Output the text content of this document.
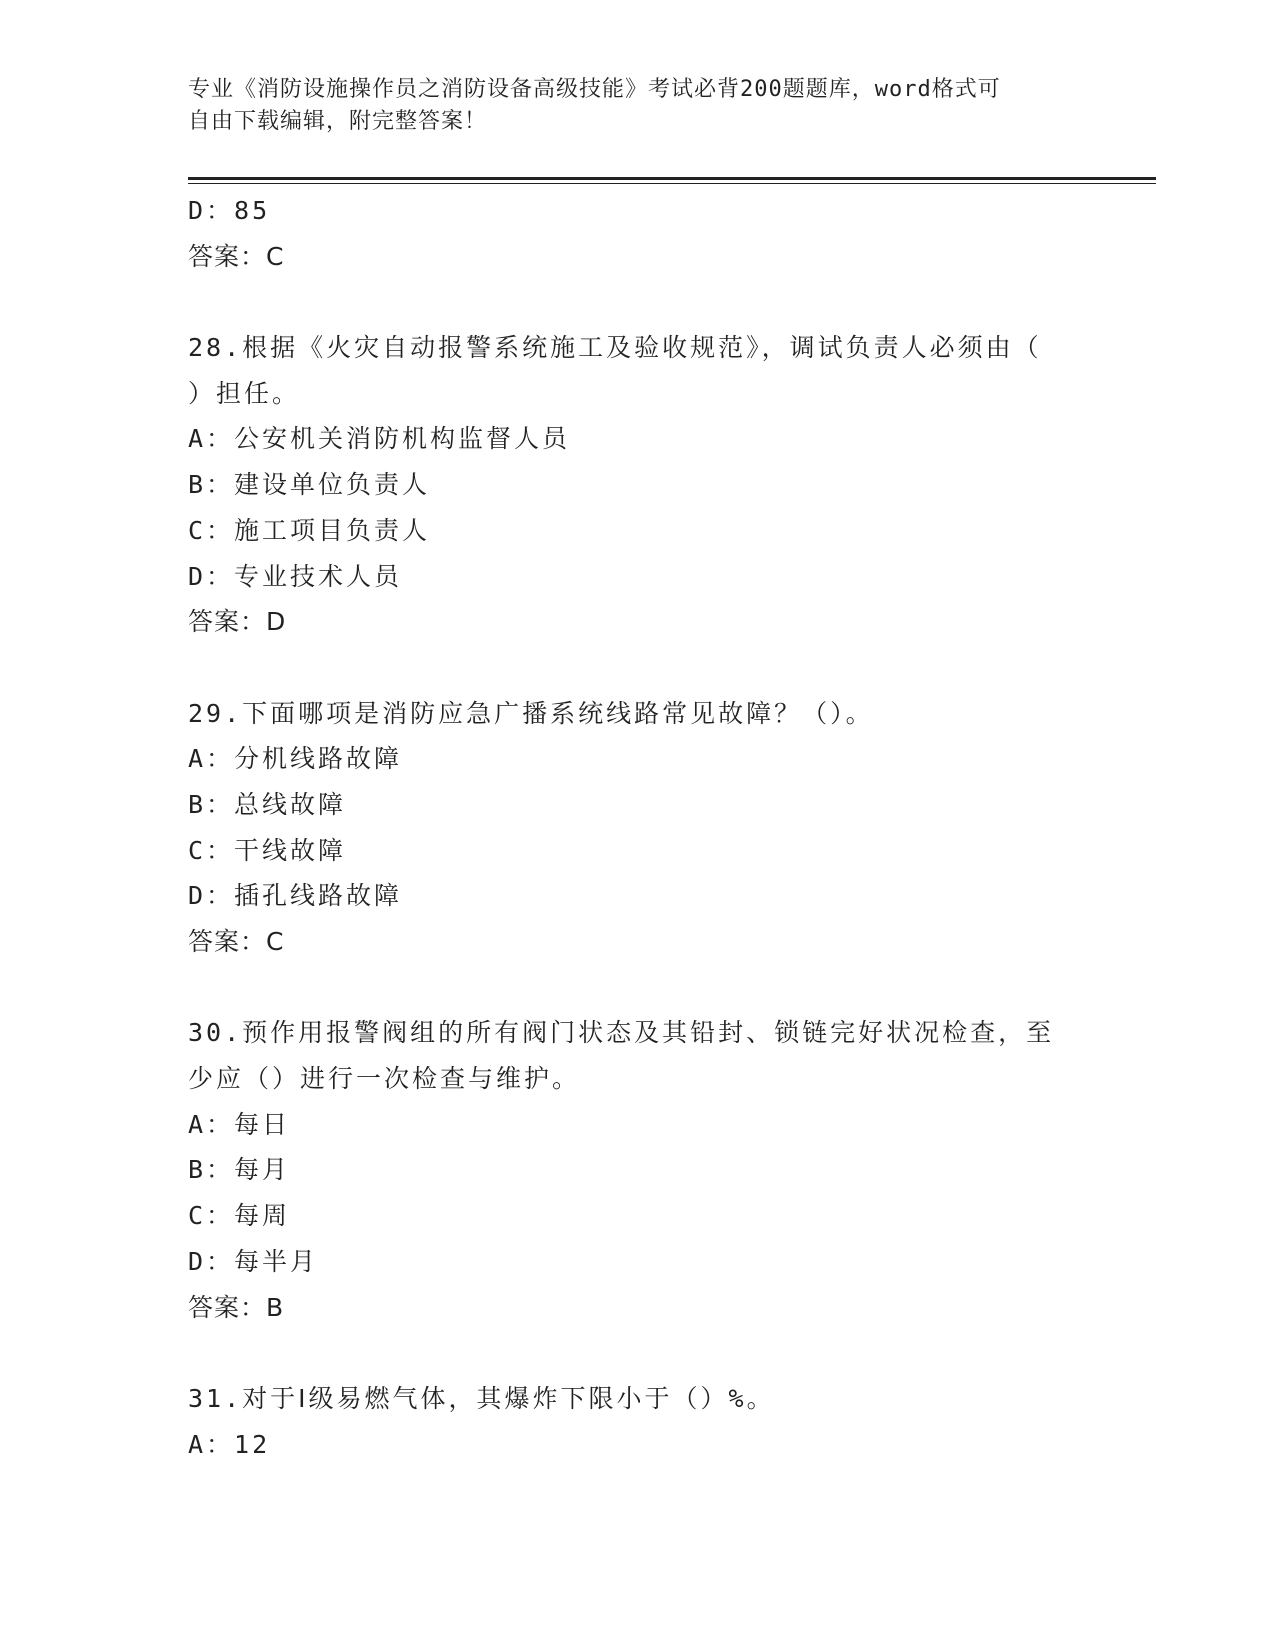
专业《消防设施操作员之消防设备高级技能》考试必背200题题库，word格式可
自由下载编辑，附完整答案！
D：85
答案：C
28.根据《火灾自动报警系统施工及验收规范》，调试负责人必须由（
）担任。
A：公安机关消防机构监督人员
B：建设单位负责人
C：施工项目负责人
D：专业技术人员
答案：D
29.下面哪项是消防应急广播系统线路常见故障？（）。
A：分机线路故障
B：总线故障
C：干线故障
D：插孔线路故障
答案：C
30.预作用报警阀组的所有阀门状态及其铅封、锁链完好状况检查，至
少应（）进行一次检查与维护。
A：每日
B：每月
C：每周
D：每半月
答案：B
31.对于Ⅰ级易燃气体，其爆炸下限小于（）%。
A：12
